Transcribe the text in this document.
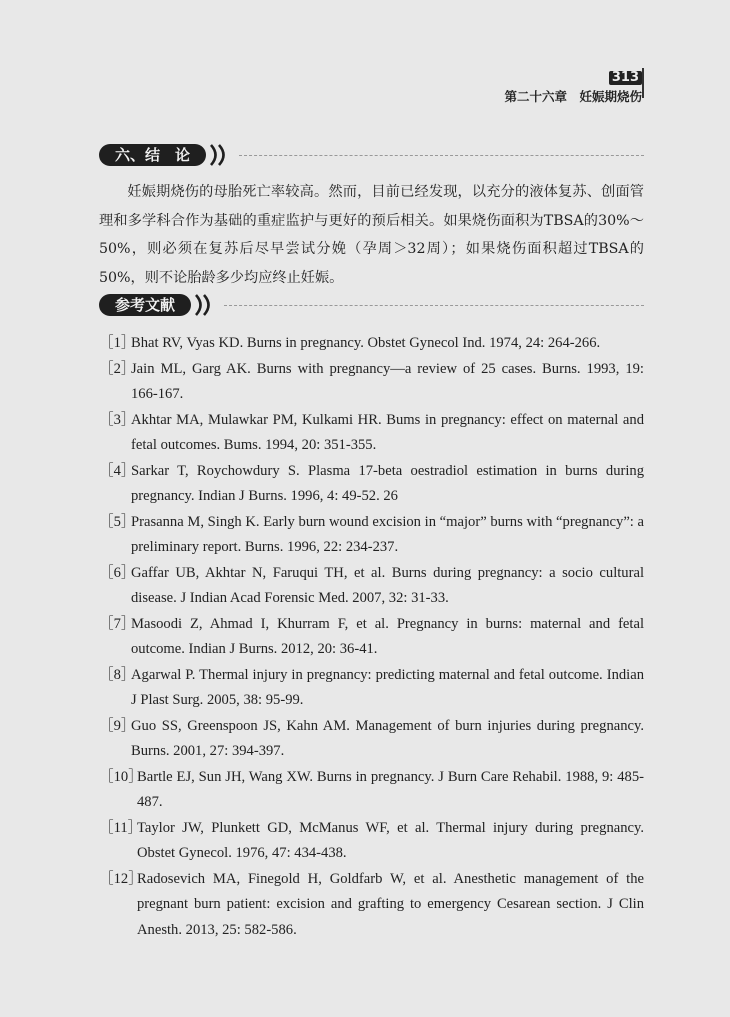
313
第二十六章　妊娠期烧伤
六、结　论

妊娠期烧伤的母胎死亡率较高。然而，目前已经发现，以充分的液体复苏、创面管理和多学科合作为基础的重症监护与更好的预后相关。如果烧伤面积为TBSA的30%～50%，则必须在复苏后尽早尝试分娩（孕周＞32周）；如果烧伤面积超过TBSA的50%，则不论胎龄多少均应终止妊娠。

参考文献
［1］
Bhat RV, Vyas KD. Burns in pregnancy. Obstet Gynecol Ind. 1974, 24: 264-266.
［2］
Jain ML, Garg AK. Burns with pregnancy—a review of 25 cases. Burns. 1993, 19: 166-167.
［3］
Akhtar MA, Mulawkar PM, Kulkami HR. Bums in pregnancy: effect on maternal and fetal outcomes. Bums. 1994, 20: 351-355.
［4］
Sarkar T, Roychowdury S. Plasma 17-beta oestradiol estimation in burns during pregnancy. Indian J Burns. 1996, 4: 49-52. 26
［5］
Prasanna M, Singh K. Early burn wound excision in “major” burns with “pregnancy”: a preliminary report. Burns. 1996, 22: 234-237.
［6］
Gaffar UB, Akhtar N, Faruqui TH, et al. Burns during pregnancy: a socio cultural disease. J Indian Acad Forensic Med. 2007, 32: 31-33.
［7］
Masoodi Z, Ahmad I, Khurram F, et al. Pregnancy in burns: maternal and fetal outcome. Indian J Burns. 2012, 20: 36-41.
［8］
Agarwal P. Thermal injury in pregnancy: predicting maternal and fetal outcome. Indian J Plast Surg. 2005, 38: 95-99.
［9］
Guo SS, Greenspoon JS, Kahn AM. Management of burn injuries during pregnancy. Burns. 2001, 27: 394-397.
［10］
Bartle EJ, Sun JH, Wang XW. Burns in pregnancy. J Burn Care Rehabil. 1988, 9: 485-487.
［11］
Taylor JW, Plunkett GD, McManus WF, et al. Thermal injury during pregnancy. Obstet Gynecol. 1976, 47: 434-438.
［12］
Radosevich MA, Finegold H, Goldfarb W, et al. Anesthetic management of the pregnant burn patient: excision and grafting to emergency Cesarean section. J Clin Anesth. 2013, 25: 582-586.
